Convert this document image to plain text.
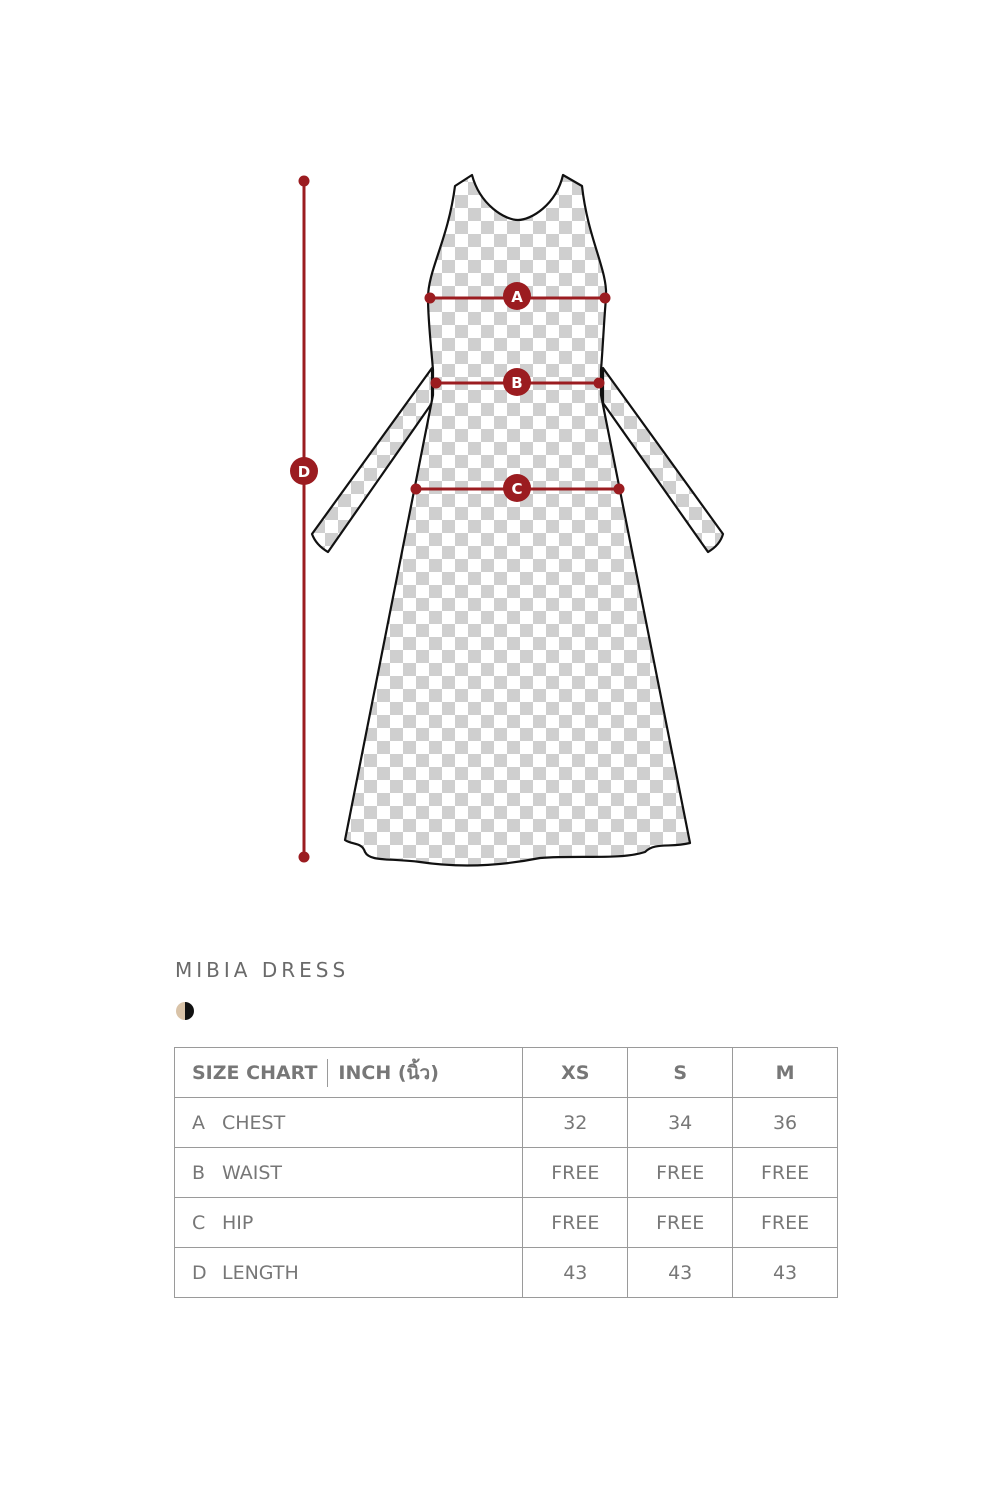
D
A
B
C
MIBIA DRESS
SIZE CHART INCH (นิ้ว)	XS	S	M
A CHEST	32	34	36
B WAIST	FREE	FREE	FREE
C HIP	FREE	FREE	FREE
D LENGTH	43	43	43
